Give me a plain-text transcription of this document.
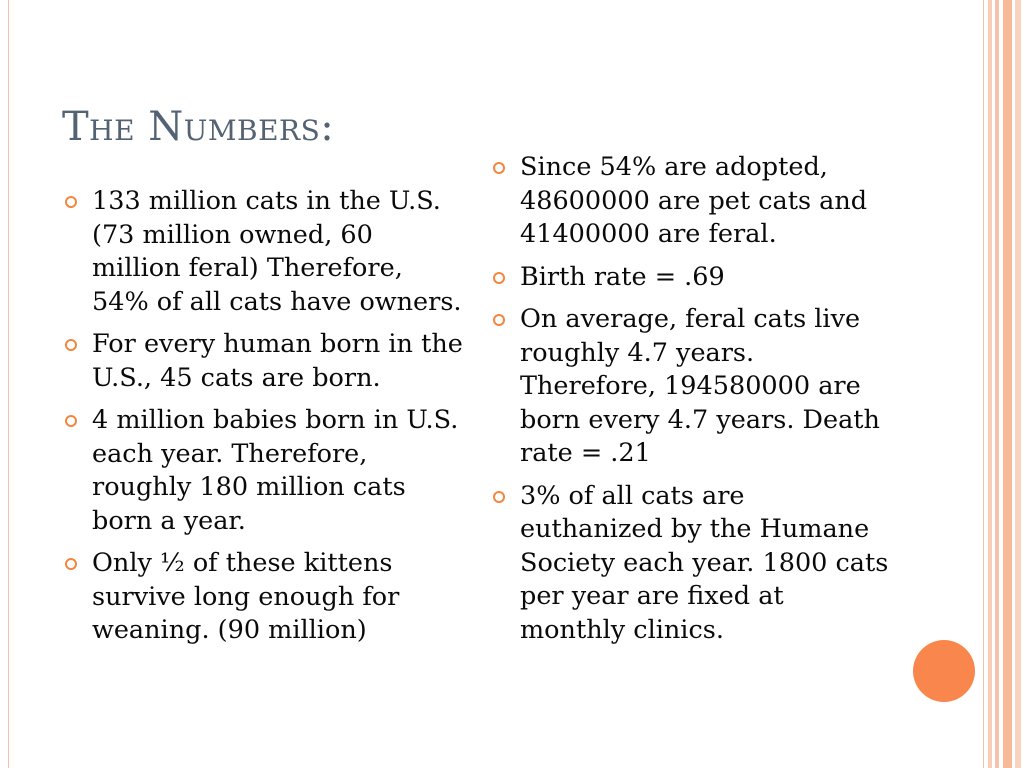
The Numbers:
133 million cats in the U.S. (73 million owned, 60 million feral) Therefore, 54% of all cats have owners.
For every human born in the U.S., 45 cats are born.
4 million babies born in U.S. each year. Therefore, roughly 180 million cats born a year.
Only ½ of these kittens survive long enough for weaning. (90 million)
Since 54% are adopted, 48600000 are pet cats and 41400000 are feral.
Birth rate = .69
On average, feral cats live roughly 4.7 years. Therefore, 194580000 are born every 4.7 years. Death rate = .21
3% of all cats are euthanized by the Humane Society each year. 1800 cats per year are fixed at monthly clinics.
